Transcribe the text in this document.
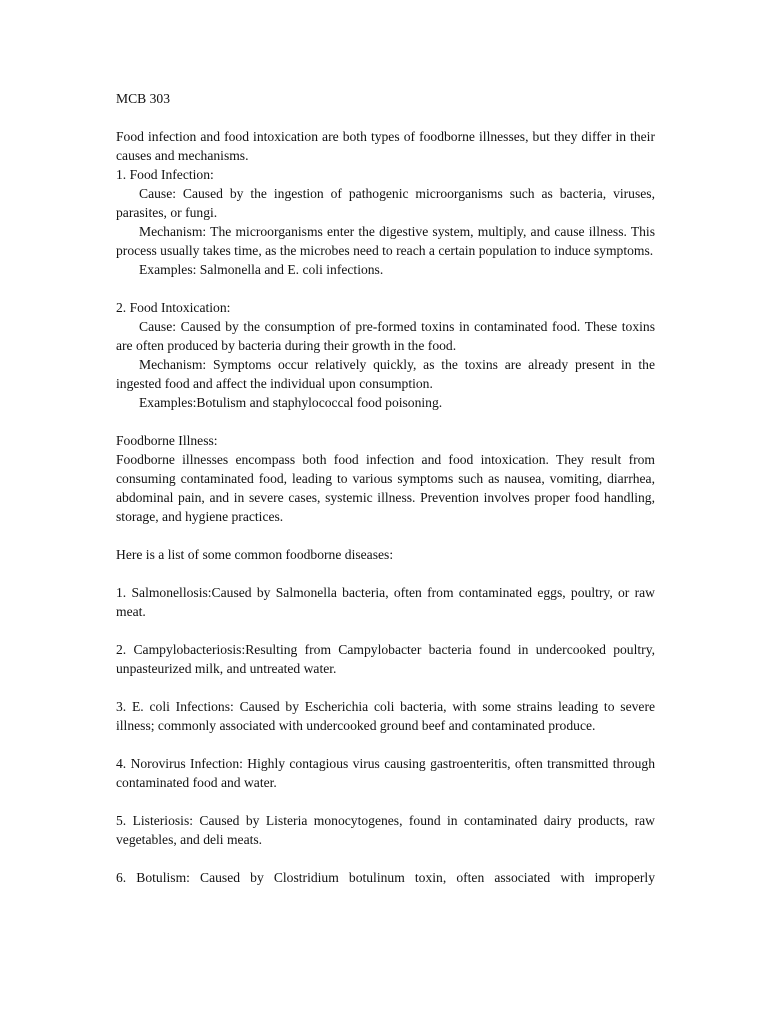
MCB 303

Food infection and food intoxication are both types of foodborne illnesses, but they differ in their causes and mechanisms.

1. Food Infection:

Cause: Caused by the ingestion of pathogenic microorganisms such as bacteria, viruses, parasites, or fungi.

Mechanism: The microorganisms enter the digestive system, multiply, and cause illness. This process usually takes time, as the microbes need to reach a certain population to induce symptoms.

Examples: Salmonella and E. coli infections.

2. Food Intoxication:

Cause: Caused by the consumption of pre-formed toxins in contaminated food. These toxins are often produced by bacteria during their growth in the food.

Mechanism: Symptoms occur relatively quickly, as the toxins are already present in the ingested food and affect the individual upon consumption.

Examples:Botulism and staphylococcal food poisoning.

Foodborne Illness:

Foodborne illnesses encompass both food infection and food intoxication. They result from consuming contaminated food, leading to various symptoms such as nausea, vomiting, diarrhea, abdominal pain, and in severe cases, systemic illness. Prevention involves proper food handling, storage, and hygiene practices.

Here is a list of some common foodborne diseases:

1. Salmonellosis:Caused by Salmonella bacteria, often from contaminated eggs, poultry, or raw meat.

2. Campylobacteriosis:Resulting from Campylobacter bacteria found in undercooked poultry, unpasteurized milk, and untreated water.

3. E. coli Infections: Caused by Escherichia coli bacteria, with some strains leading to severe illness; commonly associated with undercooked ground beef and contaminated produce.

4. Norovirus Infection: Highly contagious virus causing gastroenteritis, often transmitted through contaminated food and water.

5. Listeriosis: Caused by Listeria monocytogenes, found in contaminated dairy products, raw vegetables, and deli meats.

6. Botulism: Caused by Clostridium botulinum toxin, often associated with improperly
